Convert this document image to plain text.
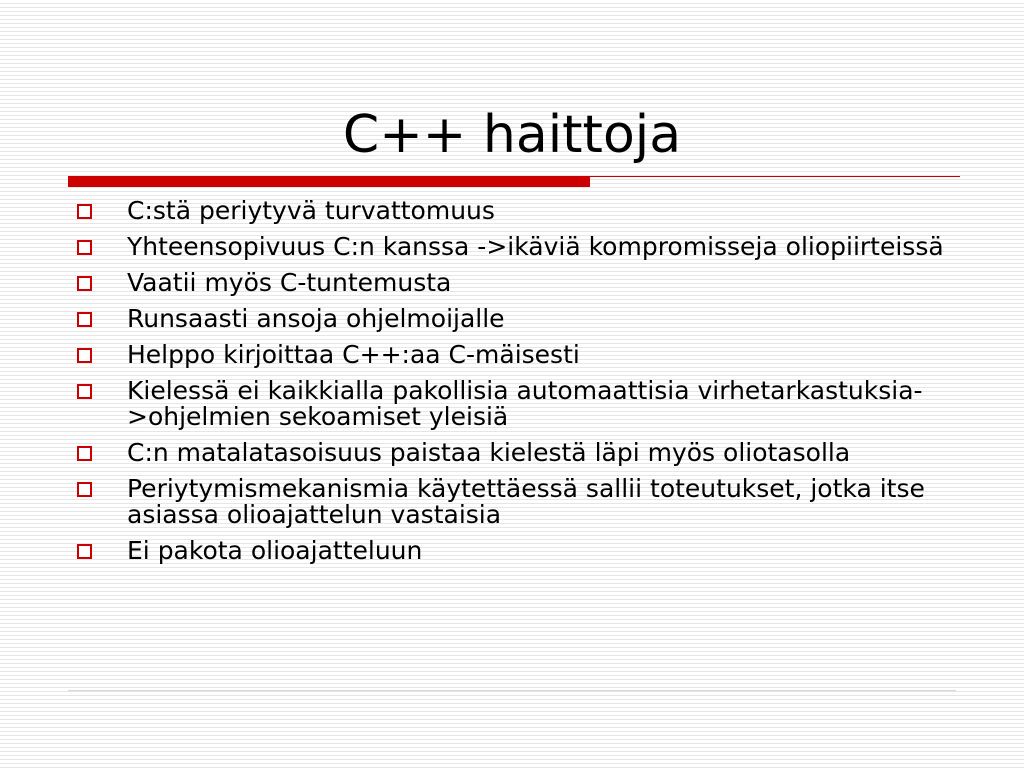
C++ haittoja
C:stä periytyvä turvattomuus
Yhteensopivuus C:n kanssa ->ikäviä kompromisseja oliopiirteissä
Vaatii myös C-tuntemusta
Runsaasti ansoja ohjelmoijalle
Helppo kirjoittaa C++:aa C-mäisesti
Kielessä ei kaikkialla pakollisia automaattisia virhetarkastuksia->ohjelmien sekoamiset yleisiä
C:n matalatasoisuus paistaa kielestä läpi myös oliotasolla
Periytymismekanismia käytettäessä sallii toteutukset, jotka itse asiassa olioajattelun vastaisia
Ei pakota olioajatteluun
